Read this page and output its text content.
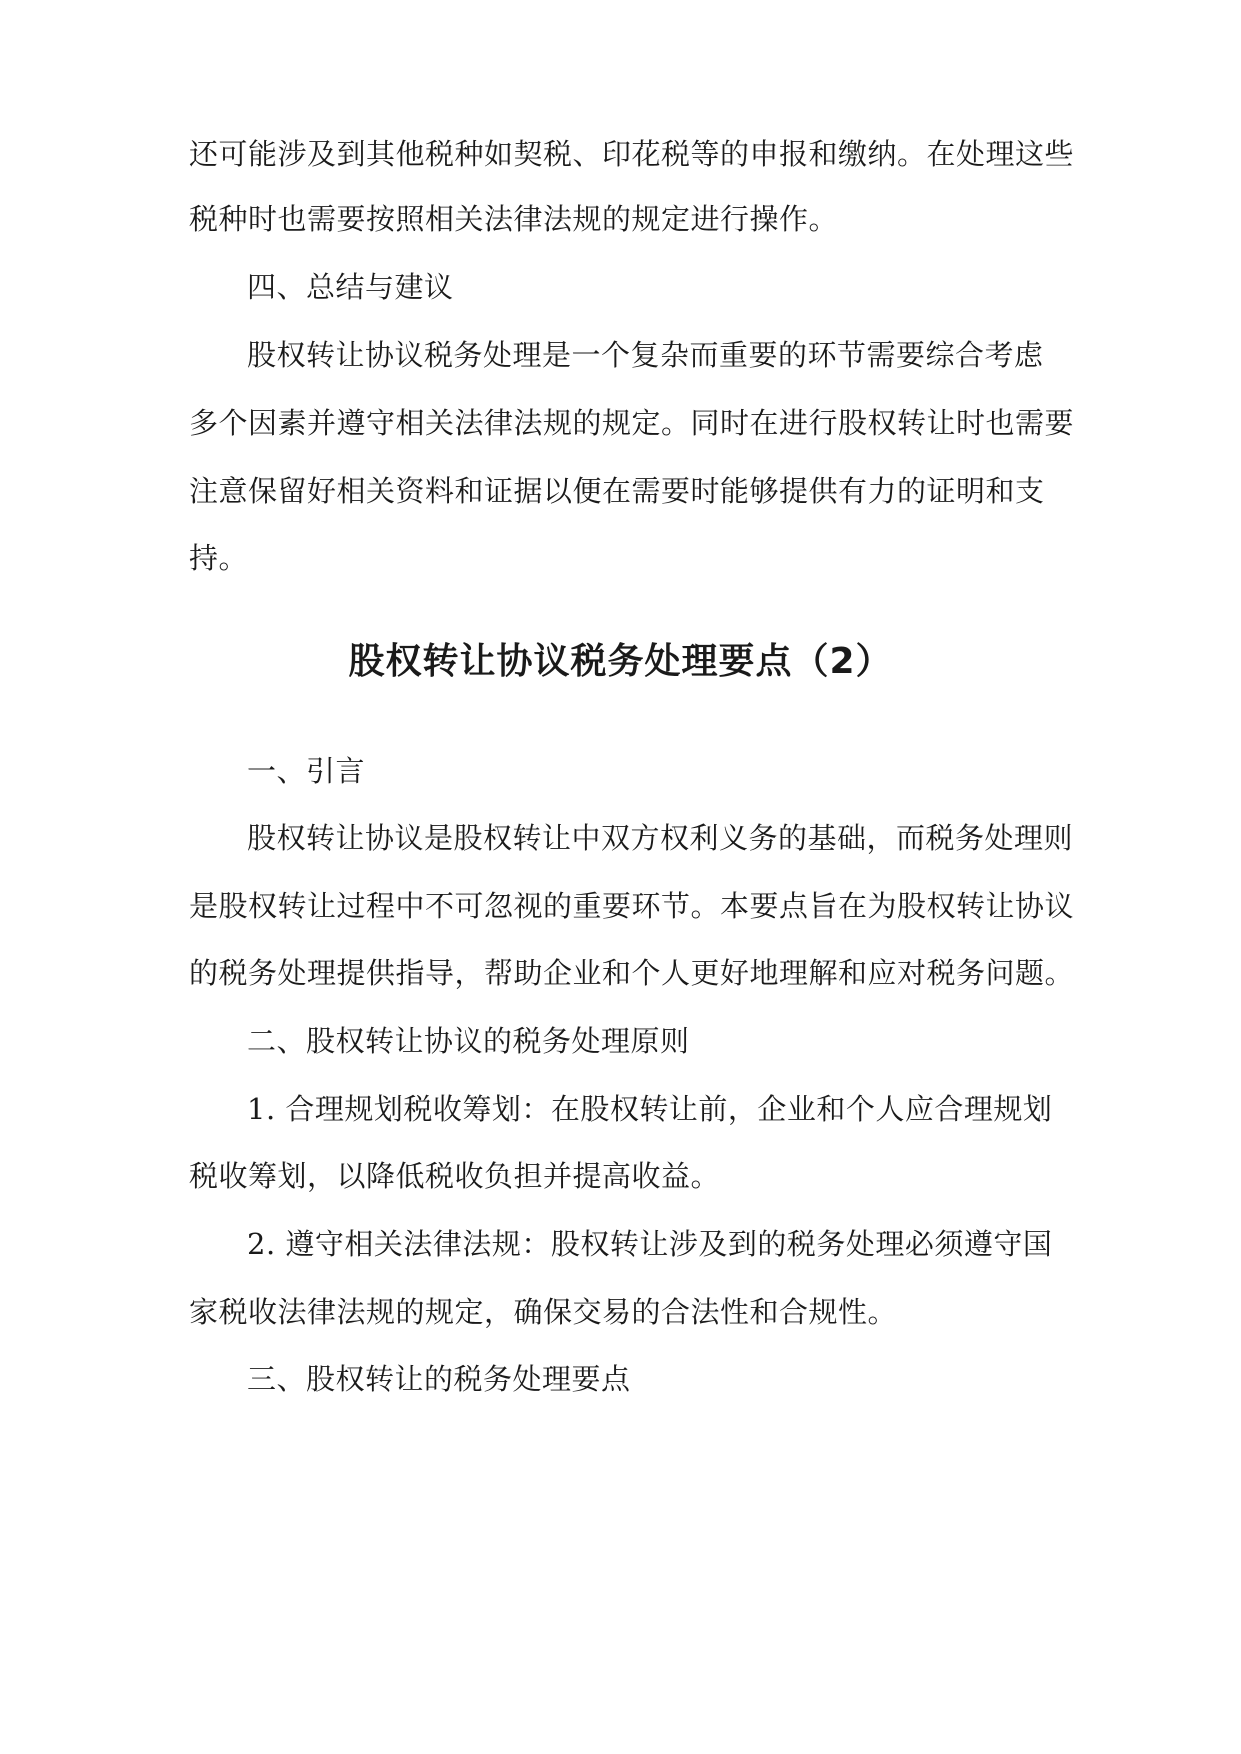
还可能涉及到其他税种如契税、印花税等的申报和缴纳。在处理这些
税种时也需要按照相关法律法规的规定进行操作。
四、总结与建议
股权转让协议税务处理是一个复杂而重要的环节需要综合考虑
多个因素并遵守相关法律法规的规定。同时在进行股权转让时也需要
注意保留好相关资料和证据以便在需要时能够提供有力的证明和支
持。
股权转让协议税务处理要点（2）
一、引言
股权转让协议是股权转让中双方权利义务的基础，而税务处理则
是股权转让过程中不可忽视的重要环节。本要点旨在为股权转让协议
的税务处理提供指导，帮助企业和个人更好地理解和应对税务问题。
二、股权转让协议的税务处理原则
1. 合理规划税收筹划：在股权转让前，企业和个人应合理规划
税收筹划，以降低税收负担并提高收益。
2. 遵守相关法律法规：股权转让涉及到的税务处理必须遵守国
家税收法律法规的规定，确保交易的合法性和合规性。
三、股权转让的税务处理要点
